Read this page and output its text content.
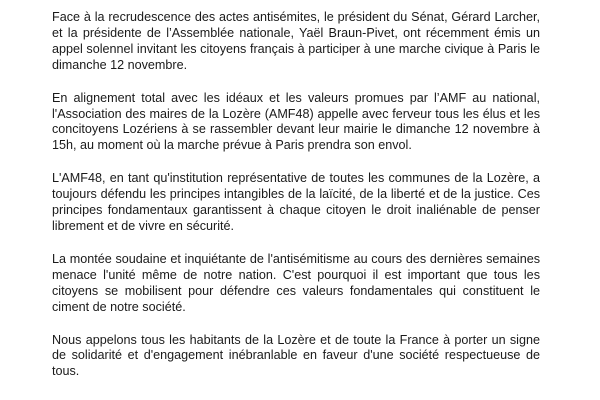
Face à la recrudescence des actes antisémites, le président du Sénat, Gérard Larcher, et la présidente de l’Assemblée nationale, Yaël Braun-Pivet, ont récemment émis un appel solennel invitant les citoyens français à participer à une marche civique à Paris le dimanche 12 novembre.

En alignement total avec les idéaux et les valeurs promues par l’AMF au national, l'Association des maires de la Lozère (AMF48) appelle avec ferveur tous les élus et les concitoyens Lozériens à se rassembler devant leur mairie le dimanche 12 novembre à 15h, au moment où la marche prévue à Paris prendra son envol.

L'AMF48, en tant qu'institution représentative de toutes les communes de la Lozère, a toujours défendu les principes intangibles de la laïcité, de la liberté et de la justice. Ces principes fondamentaux garantissent à chaque citoyen le droit inaliénable de penser librement et de vivre en sécurité.

La montée soudaine et inquiétante de l'antisémitisme au cours des dernières semaines menace l'unité même de notre nation. C'est pourquoi il est important que tous les citoyens se mobilisent pour défendre ces valeurs fondamentales qui constituent le ciment de notre société.

Nous appelons tous les habitants de la Lozère et de toute la France à porter un signe de solidarité et d'engagement inébranlable en faveur d'une société respectueuse de tous.
